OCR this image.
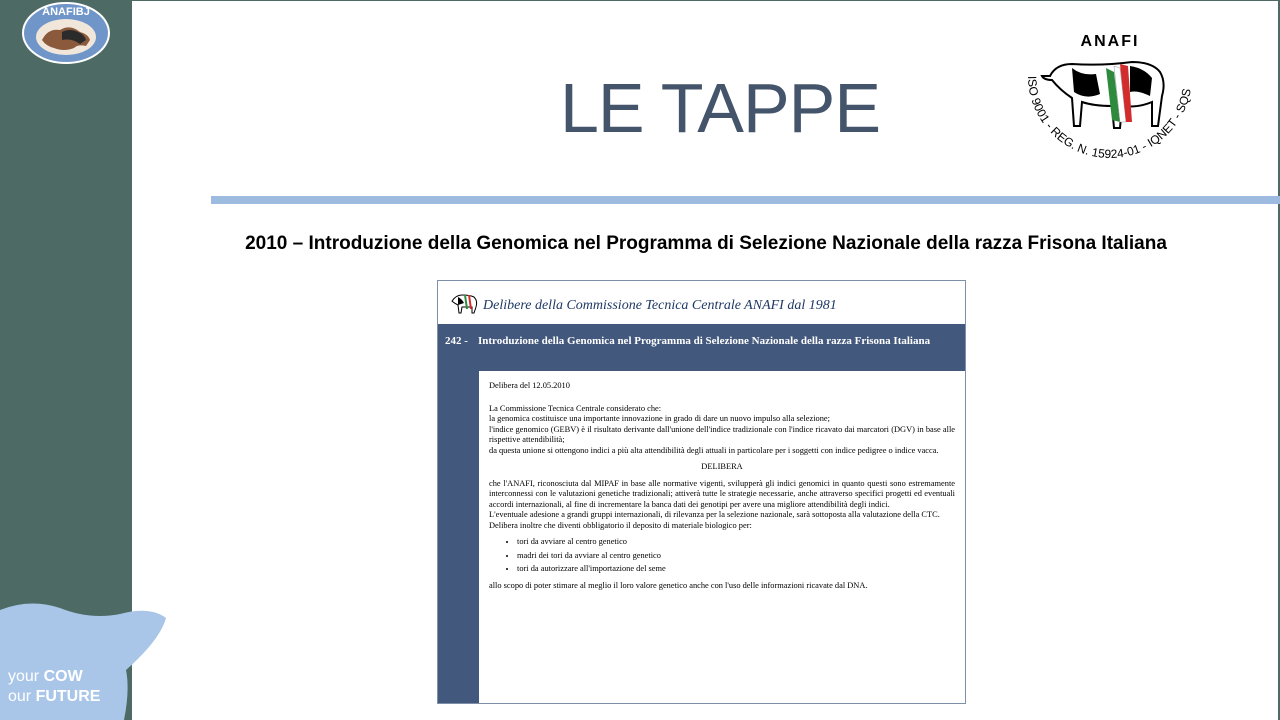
ANAFIBJ
your COW
our FUTURE
LE TAPPE
ANAFI
ISO 9001 - REG. N. 15924-01 - IQNET - SQS
2010 – Introduzione della Genomica nel Programma di Selezione Nazionale della razza Frisona Italiana
Delibere della Commissione Tecnica Centrale ANAFI dal 1981
242 - Introduzione della Genomica nel Programma di Selezione Nazionale della razza Frisona Italiana

Delibera del 12.05.2010

La Commissione Tecnica Centrale considerato che:

la genomica costituisce una importante innovazione in grado di dare un nuovo impulso alla selezione;

l'indice genomico (GEBV) è il risultato derivante dall'unione dell'indice tradizionale con l'indice ricavato dai marcatori (DGV) in base alle rispettive attendibilità;

da questa unione si ottengono indici a più alta attendibilità degli attuali in particolare per i soggetti con indice pedigree o indice vacca.

DELIBERA

che l'ANAFI, riconosciuta dal MIPAF in base alle normative vigenti, svilupperà gli indici genomici in quanto questi sono estremamente interconnessi con le valutazioni genetiche tradizionali; attiverà tutte le strategie necessarie, anche attraverso specifici progetti ed eventuali accordi internazionali, al fine di incrementare la banca dati dei genotipi per avere una migliore attendibilità degli indici.

L'eventuale adesione a grandi gruppi internazionali, di rilevanza per la selezione nazionale, sarà sottoposta alla valutazione della CTC.

Delibera inoltre che diventi obbligatorio il deposito di materiale biologico per:

• tori da avviare al centro genetico
• madri dei tori da avviare al centro genetico
• tori da autorizzare all'importazione del seme

allo scopo di poter stimare al meglio il loro valore genetico anche con l'uso delle informazioni ricavate dal DNA.
